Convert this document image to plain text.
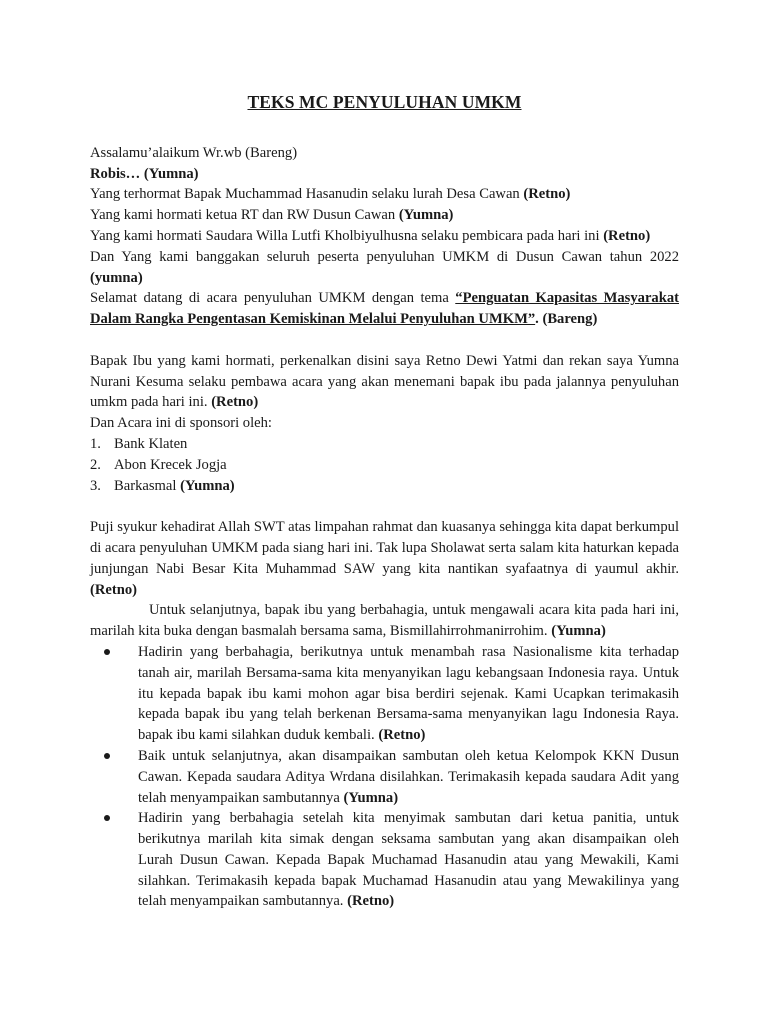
TEKS MC PENYULUHAN UMKM

Assalamu’alaikum Wr.wb (Bareng)

Robis… (Yumna)

Yang terhormat Bapak Muchammad Hasanudin selaku lurah Desa Cawan (Retno)

Yang kami hormati ketua RT dan RW Dusun Cawan (Yumna)

Yang kami hormati Saudara Willa Lutfi Kholbiyulhusna selaku pembicara pada hari ini (Retno)

Dan Yang kami banggakan seluruh peserta penyuluhan UMKM di Dusun Cawan tahun 2022 (yumna)

Selamat datang di acara penyuluhan UMKM dengan tema “Penguatan Kapasitas Masyarakat Dalam Rangka Pengentasan Kemiskinan Melalui Penyuluhan UMKM”. (Bareng)

Bapak Ibu yang kami hormati, perkenalkan disini saya Retno Dewi Yatmi dan rekan saya Yumna Nurani Kesuma selaku pembawa acara yang akan menemani bapak ibu pada jalannya penyuluhan umkm pada hari ini. (Retno)

Dan Acara ini di sponsori oleh:

1. Bank Klaten
2. Abon Krecek Jogja
3. Barkasmal (Yumna)

Puji syukur kehadirat Allah SWT atas limpahan rahmat dan kuasanya sehingga kita dapat berkumpul di acara penyuluhan UMKM pada siang hari ini. Tak lupa Sholawat serta salam kita haturkan kepada junjungan Nabi Besar Kita Muhammad SAW yang kita nantikan syafaatnya di yaumul akhir. (Retno)

Untuk selanjutnya, bapak ibu yang berbahagia, untuk mengawali acara kita pada hari ini, marilah kita buka dengan basmalah bersama sama, Bismillahirrohmanirrohim. (Yumna)

Hadirin yang berbahagia, berikutnya untuk menambah rasa Nasionalisme kita terhadap tanah air, marilah Bersama-sama kita menyanyikan lagu kebangsaan Indonesia raya. Untuk itu kepada bapak ibu kami mohon agar bisa berdiri sejenak. Kami Ucapkan terimakasih kepada bapak ibu yang telah berkenan Bersama-sama menyanyikan lagu Indonesia Raya. bapak ibu kami silahkan duduk kembali. (Retno)
Baik untuk selanjutnya, akan disampaikan sambutan oleh ketua Kelompok KKN Dusun Cawan. Kepada saudara Aditya Wrdana disilahkan. Terimakasih kepada saudara Adit yang telah menyampaikan sambutannya (Yumna)
Hadirin yang berbahagia setelah kita menyimak sambutan dari ketua panitia, untuk berikutnya marilah kita simak dengan seksama sambutan yang akan disampaikan oleh Lurah Dusun Cawan. Kepada Bapak Muchamad Hasanudin atau yang Mewakili, Kami silahkan. Terimakasih kepada bapak Muchamad Hasanudin atau yang Mewakilinya yang telah menyampaikan sambutannya. (Retno)
